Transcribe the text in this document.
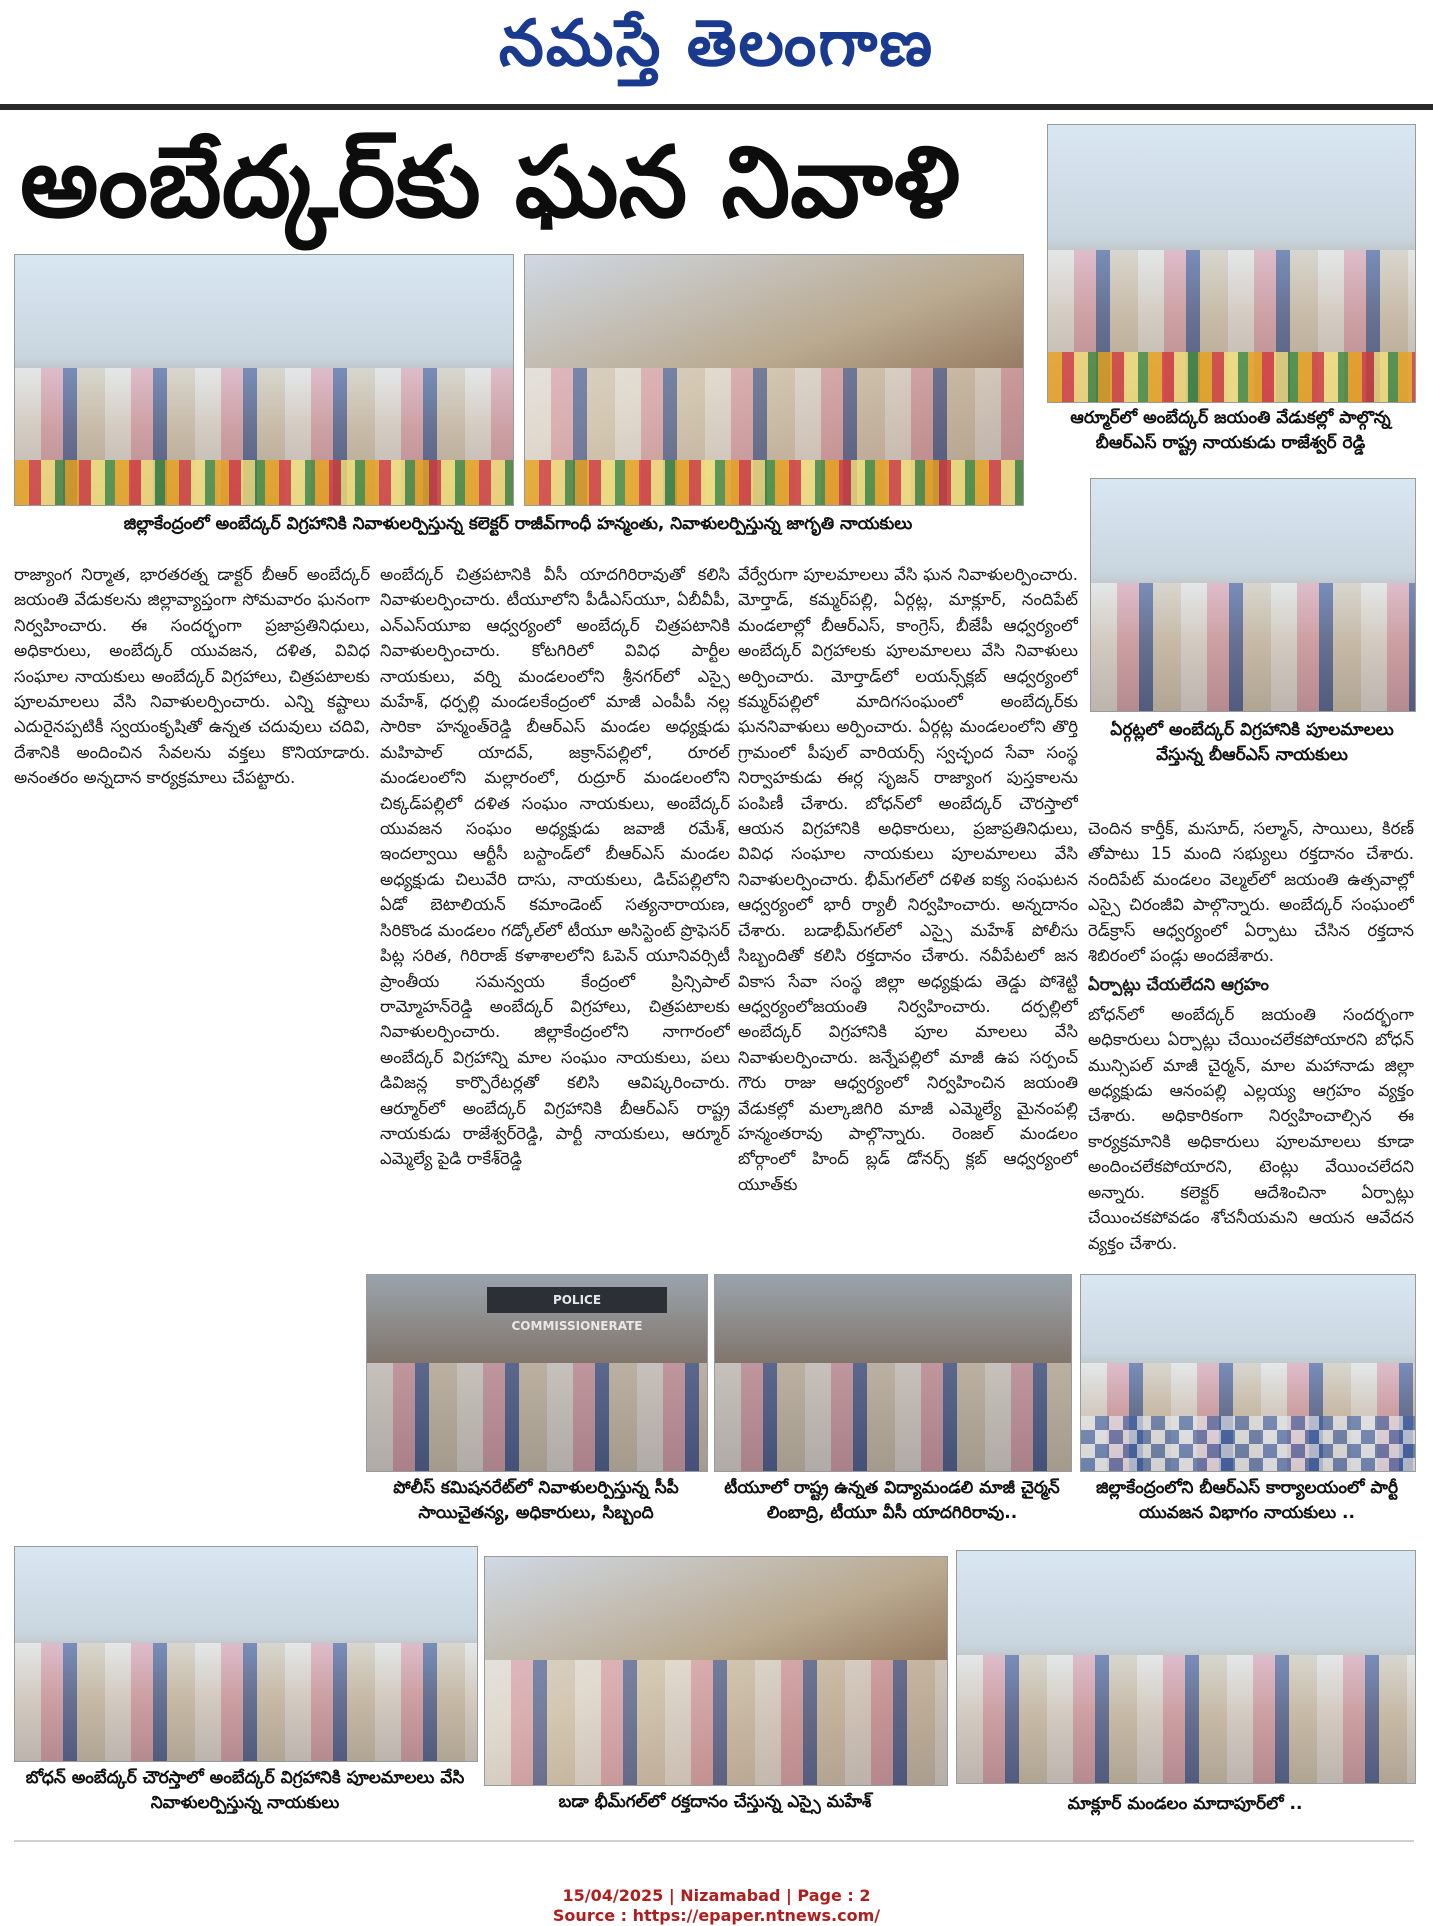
నమస్తే తెలంగాణ
అంబేద్కర్‌కు ఘన నివాళి
ఆర్మూర్‌లో అంబేద్కర్ జయంతి వేడుకల్లో పాల్గొన్న బీఆర్‌ఎస్ రాష్ట్ర నాయకుడు రాజేశ్వర్ రెడ్డి
జిల్లాకేంద్రంలో అంబేద్కర్ విగ్రహానికి నివాళులర్పిస్తున్న కలెక్టర్ రాజీవ్‌గాంధీ హన్మంతు, నివాళులర్పిస్తున్న జాగృతి నాయకులు
ఏర్గట్లలో అంబేద్కర్ విగ్రహానికి పూలమాలలు వేస్తున్న బీఆర్‌ఎస్ నాయకులు

రాజ్యాంగ నిర్మాత, భారతరత్న డాక్టర్ బీఆర్ అంబేద్కర్ జయంతి వేడుకలను జిల్లావ్యాప్తంగా సోమవారం ఘనంగా నిర్వహించారు. ఈ సందర్భంగా ప్రజాప్రతినిధులు, అధికారులు, అంబేద్కర్ యువజన, దళిత, వివిధ సంఘాల నాయకులు అంబేద్కర్ విగ్రహాలు, చిత్రపటాలకు పూలమాలలు వేసి నివాళులర్పించారు. ఎన్ని కష్టాలు ఎదురైనప్పటికీ స్వయంకృషితో ఉన్నత చదువులు చదివి, దేశానికి అందించిన సేవలను వక్తలు కొనియాడారు. అనంతరం అన్నదాన కార్యక్రమాలు చేపట్టారు.

అంబేద్కర్ చిత్రపటానికి వీసీ యాదగిరిరావుతో కలిసి నివాళులర్పించారు. టీయూలోని పీడీఎస్‌యూ, ఏబీవీపీ, ఎన్‌ఎస్‌యూఐ ఆధ్వర్యంలో అంబేద్కర్ చిత్రపటానికి నివాళులర్పించారు. కోటగిరిలో వివిధ పార్టీల నాయకులు, వర్ని మండలంలోని శ్రీనగర్‌లో ఎస్సై మహేశ్, ధర్పల్లి మండలకేంద్రంలో మాజీ ఎంపీపీ నల్ల సారికా హన్మంత్‌రెడ్డి బీఆర్‌ఎస్ మండల అధ్యక్షుడు మహిపాల్ యాదవ్, జక్రాన్‌పల్లిలో, రూరల్ మండలంలోని మల్లారంలో, రుద్రూర్ మండలంలోని చిక్కడ్‌పల్లిలో దళిత సంఘం నాయకులు, అంబేద్కర్ యువజన సంఘం అధ్యక్షుడు జవాజీ రమేశ్, ఇందల్వాయి ఆర్టీసీ బస్టాండ్‌లో బీఆర్‌ఎస్ మండల అధ్యక్షుడు చిలువేరి దాసు, నాయకులు, డిచ్‌పల్లిలోని ఏడో బెటాలియన్ కమాండెంట్ సత్యనారాయణ, సిరికొండ మండలం గడ్కోల్‌లో టీయూ అసిస్టెంట్ ప్రొఫెసర్ పిట్ల సరిత, గిరిరాజ్ కళాశాలలోని ఓపెన్ యూనివర్సిటీ ప్రాంతీయ సమన్వయ కేంద్రంలో ప్రిన్సిపాల్ రామ్మోహన్‌రెడ్డి అంబేద్కర్ విగ్రహాలు, చిత్రపటాలకు నివాళులర్పించారు. జిల్లాకేంద్రంలోని నాగారంలో అంబేద్కర్ విగ్రహాన్ని మాల సంఘం నాయకులు, పలు డివిజన్ల కార్పొరేటర్లతో కలిసి ఆవిష్కరించారు. ఆర్మూర్‌లో అంబేద్కర్ విగ్రహానికి బీఆర్‌ఎస్ రాష్ట్ర నాయకుడు రాజేశ్వర్‌రెడ్డి, పార్టీ నాయకులు, ఆర్మూర్ ఎమ్మెల్యే పైడి రాకేశ్‌రెడ్డి

వేర్వేరుగా పూలమాలలు వేసి ఘన నివాళులర్పించారు. మోర్తాడ్, కమ్మర్‌పల్లి, ఏర్గట్ల, మాక్లూర్, నందిపేట్ మండలాల్లో బీఆర్‌ఎస్, కాంగ్రెస్, బీజేపీ ఆధ్వర్యంలో అంబేద్కర్ విగ్రహాలకు పూలమాలలు వేసి నివాళులు అర్పించారు. మోర్తాడ్‌లో లయన్స్‌క్లబ్ ఆధ్వర్యంలో కమ్మర్‌పల్లిలో మాదిగసంఘంలో అంబేద్కర్‌కు ఘననివాళులు అర్పించారు. ఏర్గట్ల మండలంలోని తొర్తి గ్రామంలో పీపుల్ వారియర్స్ స్వచ్ఛంద సేవా సంస్థ నిర్వాహకుడు ఈర్ల సృజన్ రాజ్యాంగ పుస్తకాలను పంపిణీ చేశారు. బోధన్‌లో అంబేద్కర్ చౌరస్తాలో ఆయన విగ్రహానికి అధికారులు, ప్రజాప్రతినిధులు, వివిధ సంఘాల నాయకులు పూలమాలలు వేసి నివాళులర్పించారు. భీమ్‌గల్‌లో దళిత ఐక్య సంఘటన ఆధ్వర్యంలో భారీ ర్యాలీ నిర్వహించారు. అన్నదానం చేశారు. బడాభీమ్‌గల్‌లో ఎస్సై మహేశ్ పోలీసు సిబ్బందితో కలిసి రక్తదానం చేశారు. నవీపేటలో జన వికాస సేవా సంస్థ జిల్లా అధ్యక్షుడు తెడ్డు పోశెట్టి ఆధ్వర్యంలోజయంతి నిర్వహించారు. దర్పల్లిలో అంబేద్కర్ విగ్రహానికి పూల మాలలు వేసి నివాళులర్పించారు. జన్నేపల్లిలో మాజీ ఉప సర్పంచ్ గౌరు రాజు ఆధ్వర్యంలో నిర్వహించిన జయంతి వేడుకల్లో మల్కాజిగిరి మాజీ ఎమ్మెల్యే మైనంపల్లి హన్మంతరావు పాల్గొన్నారు. రెంజల్ మండలం బోర్గాంలో హింద్ బ్లడ్ డోనర్స్ క్లబ్ ఆధ్వర్యంలో యూత్‌కు

చెందిన కార్తీక్, మసూద్, సల్మాన్, సాయిలు, కిరణ్ తోపాటు 15 మంది సభ్యులు రక్తదానం చేశారు. నందిపేట్ మండలం వెల్మల్‌లో జయంతి ఉత్సవాల్లో ఎస్సై చిరంజీవి పాల్గొన్నారు. అంబేద్కర్ సంఘంలో రెడ్‌క్రాస్ ఆధ్వర్యంలో ఏర్పాటు చేసిన రక్తదాన శిబిరంలో పండ్లు అందజేశారు.

ఏర్పాట్లు చేయలేదని ఆగ్రహం

బోధన్‌లో అంబేద్కర్ జయంతి సందర్భంగా అధికారులు ఏర్పాట్లు చేయించలేకపోయారని బోధన్ మున్సిపల్ మాజీ చైర్మన్, మాల మహానాడు జిల్లా అధ్యక్షుడు ఆనంపల్లి ఎల్లయ్య ఆగ్రహం వ్యక్తం చేశారు. అధికారికంగా నిర్వహించాల్సిన ఈ కార్యక్రమానికి అధికారులు పూలమాలలు కూడా అందించలేకపోయారని, టెంట్లు వేయించలేదని అన్నారు. కలెక్టర్ ఆదేశించినా ఏర్పాట్లు చేయించకపోవడం శోచనీయమని ఆయన ఆవేదన వ్యక్తం చేశారు.

POLICE COMMISSIONERATE
పోలీస్ కమిషనరేట్‌లో నివాళులర్పిస్తున్న సీపీ సాయిచైతన్య, అధికారులు, సిబ్బంది
టీయూలో రాష్ట్ర ఉన్నత విద్యామండలి మాజీ చైర్మన్ లింబాద్రి, టీయూ వీసీ యాదగిరిరావు..
జిల్లాకేంద్రంలోని బీఆర్‌ఎస్ కార్యాలయంలో పార్టీ యువజన విభాగం నాయకులు ..
బోధన్ అంబేద్కర్ చౌరస్తాలో అంబేద్కర్ విగ్రహానికి పూలమాలలు వేసి నివాళులర్పిస్తున్న నాయకులు	బడా భీమ్‌గల్‌లో రక్తదానం చేస్తున్న ఎస్సై మహేశ్	మాక్లూర్ మండలం మాదాపూర్‌లో ..
15/04/2025 | Nizamabad | Page : 2
Source : https://epaper.ntnews.com/
